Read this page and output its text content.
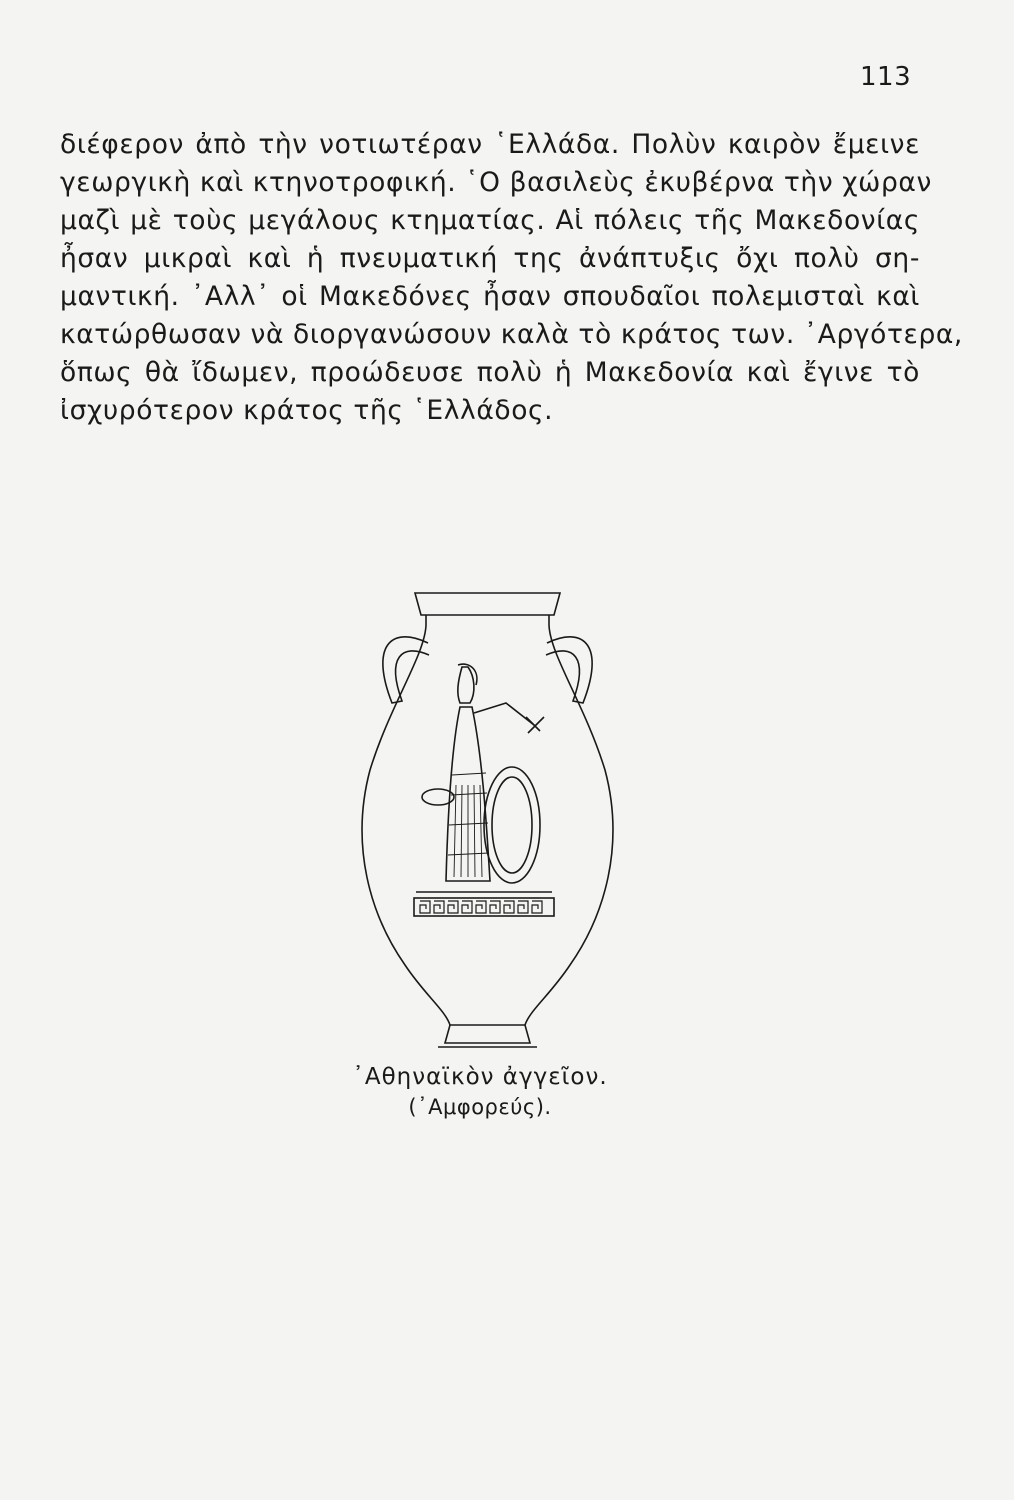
113
διέφερον ἀπὸ τὴν νοτιωτέραν ῾Ελλάδα. Πολὺν καιρὸν ἔμεινε
γεωργικὴ καὶ κτηνοτροφική. ῾Ο βασιλεὺς ἐκυβέρνα τὴν χώραν
μαζὶ μὲ τοὺς μεγάλους κτηματίας. Αἱ πόλεις τῆς Μακεδονίας
ἦσαν μικραὶ καὶ ἡ πνευματική της ἀνάπτυξις ὄχι πολὺ ση-
μαντική. ᾿Αλλ᾿ οἱ Μακεδόνες ἦσαν σπουδαῖοι πολεμισταὶ καὶ
κατώρθωσαν νὰ διοργανώσουν καλὰ τὸ κράτος των. ᾿Αργότερα,
ὅπως θὰ ἴδωμεν, προώδευσε πολὺ ἡ Μακεδονία καὶ ἔγινε τὸ
ἰσχυρότερον κράτος τῆς ῾Ελλάδος.
᾿Αθηναϊκὸν ἀγγεῖον.
(᾿Αμφορεύς).
